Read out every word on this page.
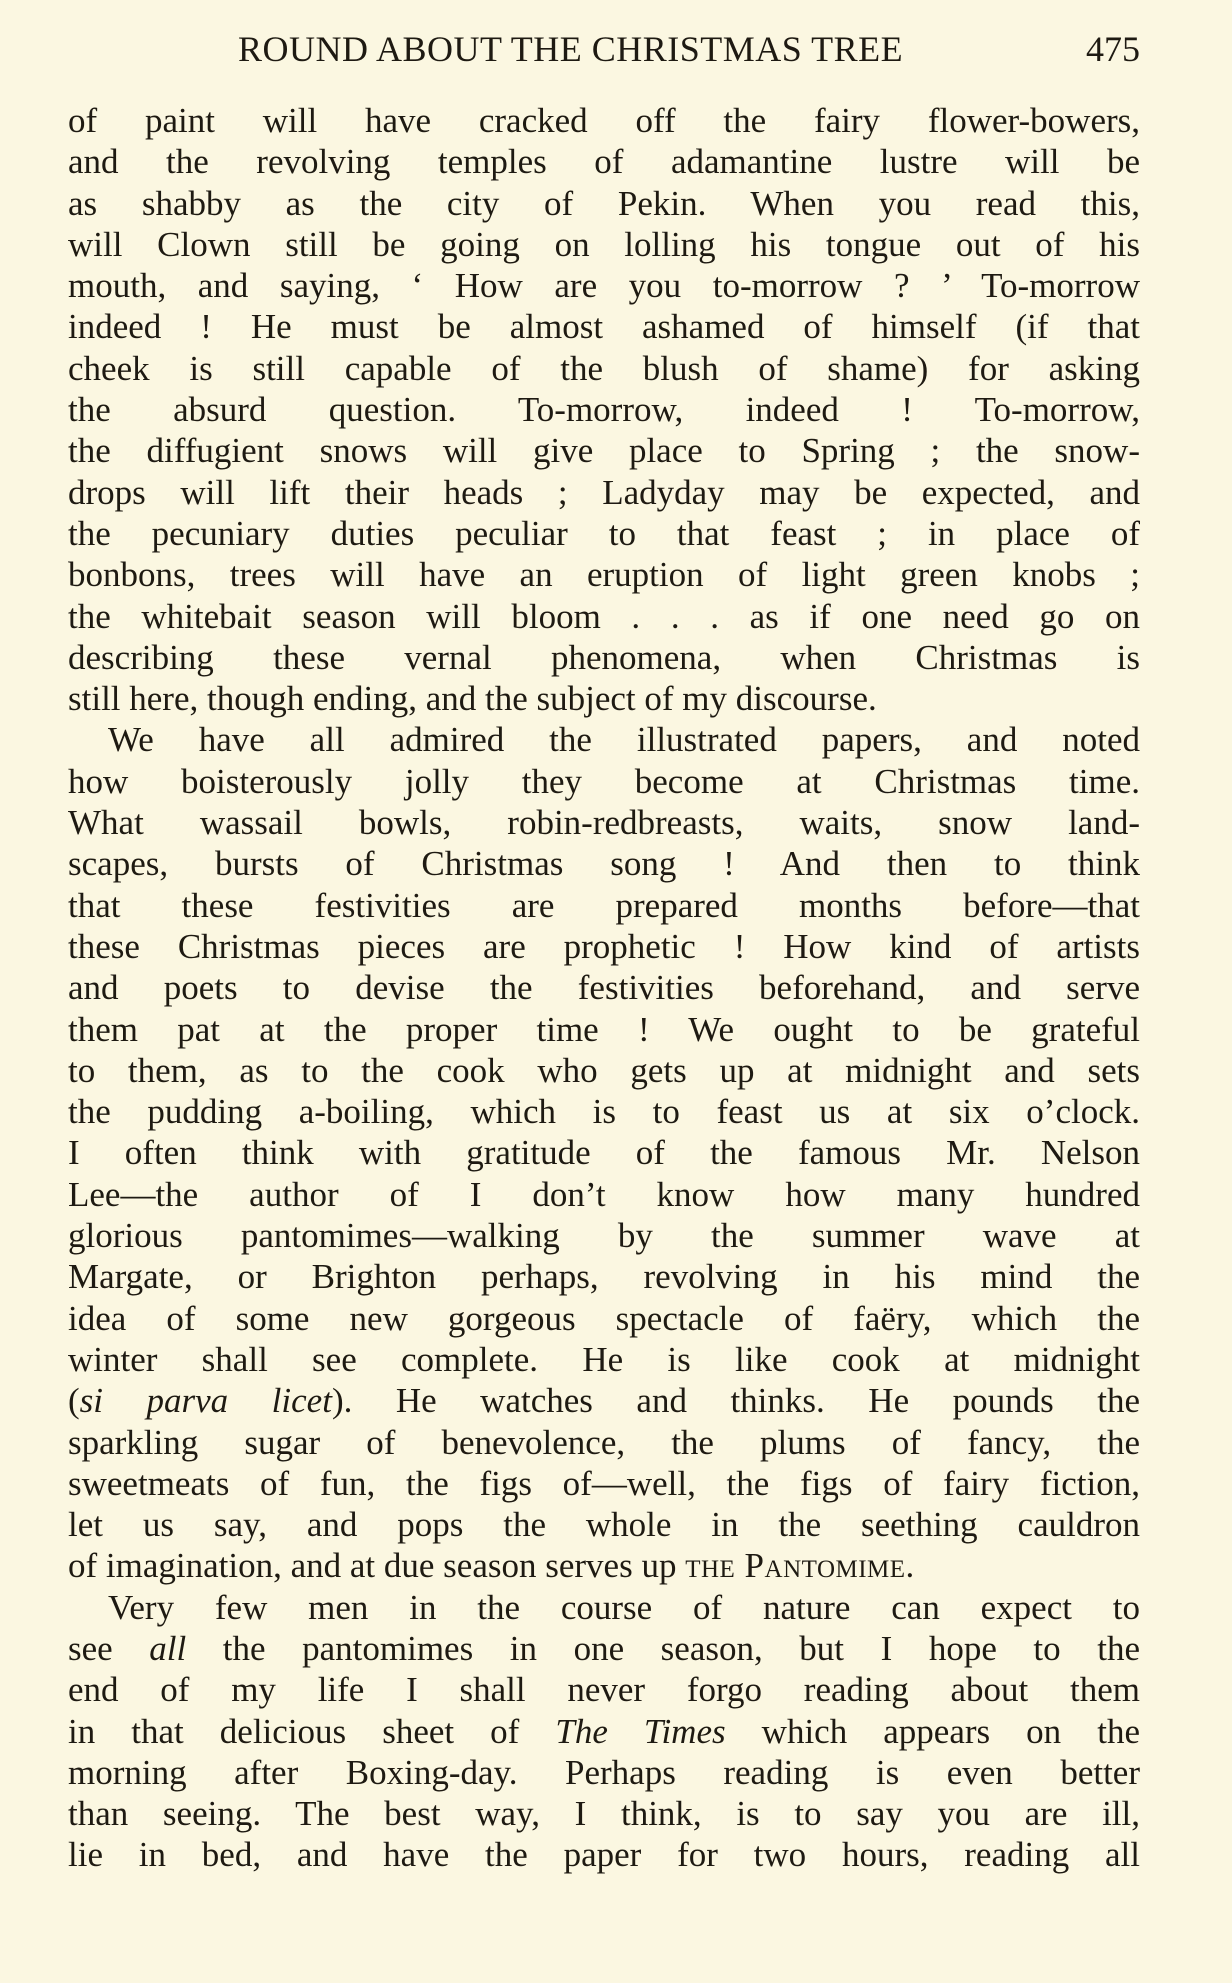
ROUND ABOUT THE CHRISTMAS TREE	475
of paint will have cracked off the fairy flower-bowers,
and the revolving temples of adamantine lustre will be
as shabby as the city of Pekin. When you read this,
will Clown still be going on lolling his tongue out of his
mouth, and saying, ‘ How are you to-morrow ? ’ To-morrow
indeed ! He must be almost ashamed of himself (if that
cheek is still capable of the blush of shame) for asking
the absurd question. To-morrow, indeed ! To-morrow,
the diffugient snows will give place to Spring ; the snow-
drops will lift their heads ; Ladyday may be expected, and
the pecuniary duties peculiar to that feast ; in place of
bonbons, trees will have an eruption of light green knobs ;
the whitebait season will bloom . . . as if one need go on
describing these vernal phenomena, when Christmas is
still here, though ending, and the subject of my discourse.
We have all admired the illustrated papers, and noted
how boisterously jolly they become at Christmas time.
What wassail bowls, robin-redbreasts, waits, snow land-
scapes, bursts of Christmas song ! And then to think
that these festivities are prepared months before—that
these Christmas pieces are prophetic ! How kind of artists
and poets to devise the festivities beforehand, and serve
them pat at the proper time ! We ought to be grateful
to them, as to the cook who gets up at midnight and sets
the pudding a-boiling, which is to feast us at six o’clock.
I often think with gratitude of the famous Mr. Nelson
Lee—the author of I don’t know how many hundred
glorious pantomimes—walking by the summer wave at
Margate, or Brighton perhaps, revolving in his mind the
idea of some new gorgeous spectacle of faëry, which the
winter shall see complete. He is like cook at midnight
(si parva licet). He watches and thinks. He pounds the
sparkling sugar of benevolence, the plums of fancy, the
sweetmeats of fun, the figs of—well, the figs of fairy fiction,
let us say, and pops the whole in the seething cauldron
of imagination, and at due season serves up the Pantomime.
Very few men in the course of nature can expect to
see all the pantomimes in one season, but I hope to the
end of my life I shall never forgo reading about them
in that delicious sheet of The Times which appears on the
morning after Boxing-day. Perhaps reading is even better
than seeing. The best way, I think, is to say you are ill,
lie in bed, and have the paper for two hours, reading all
